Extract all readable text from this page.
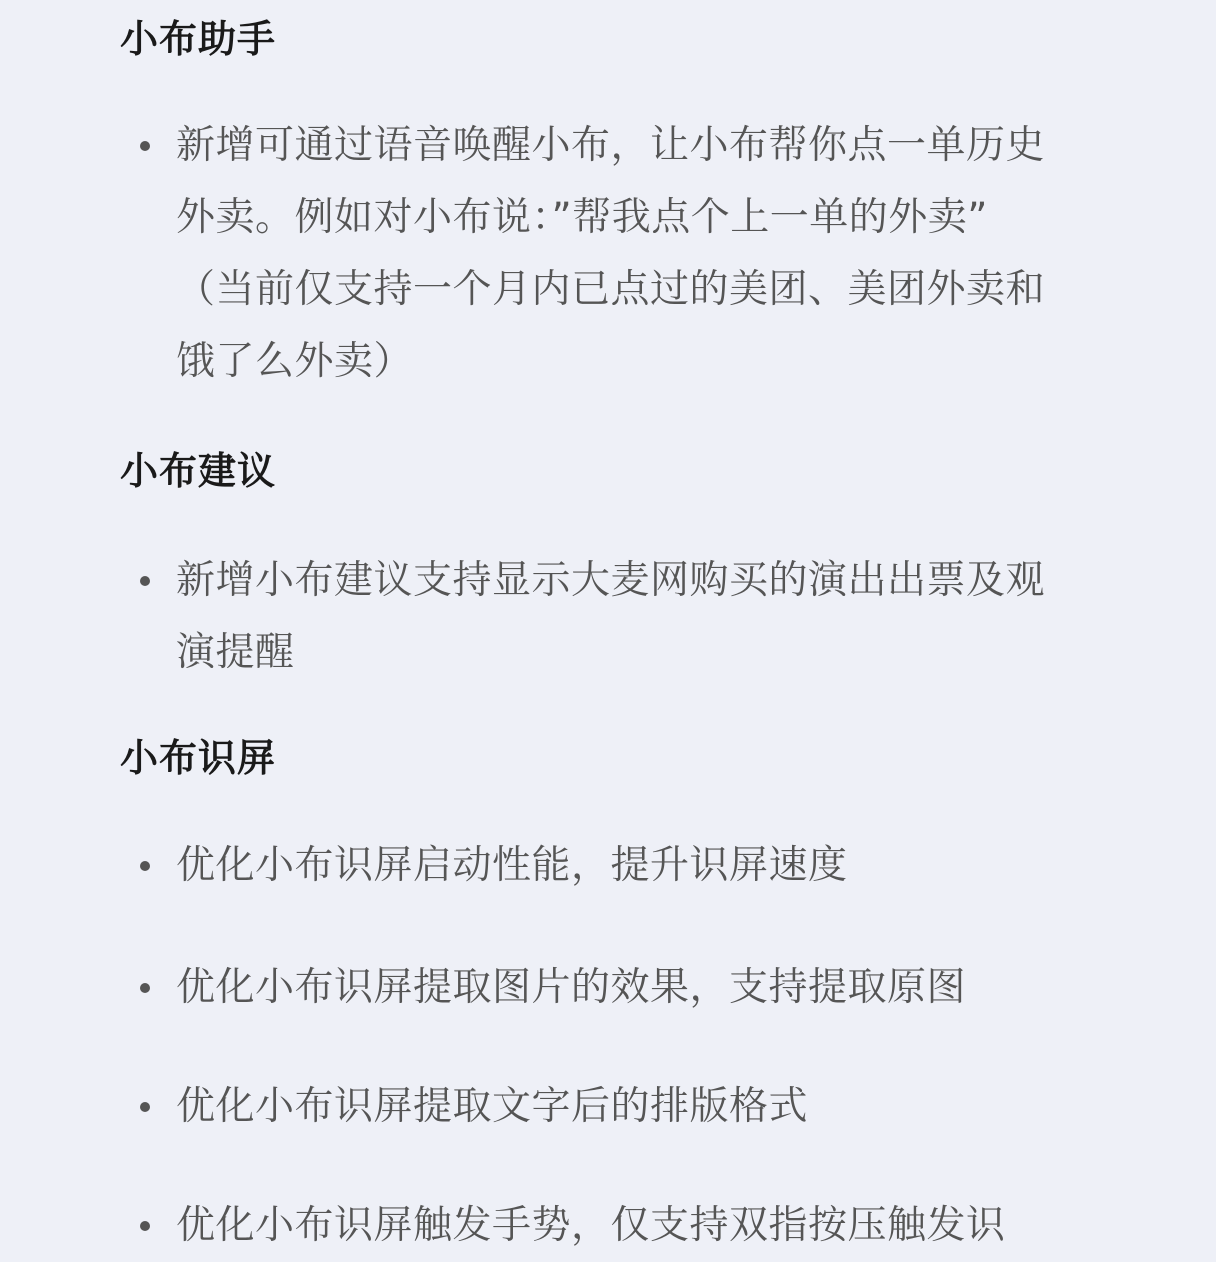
小布助手
新增可通过语音唤醒小布，让小布帮你点一单历史
外卖。例如对小布说：”帮我点个上一单的外卖”
（当前仅支持一个月内已点过的美团、美团外卖和
饿了么外卖）
小布建议
新增小布建议支持显示大麦网购买的演出出票及观
演提醒
小布识屏
优化小布识屏启动性能，提升识屏速度
优化小布识屏提取图片的效果，支持提取原图
优化小布识屏提取文字后的排版格式
优化小布识屏触发手势，仅支持双指按压触发识
